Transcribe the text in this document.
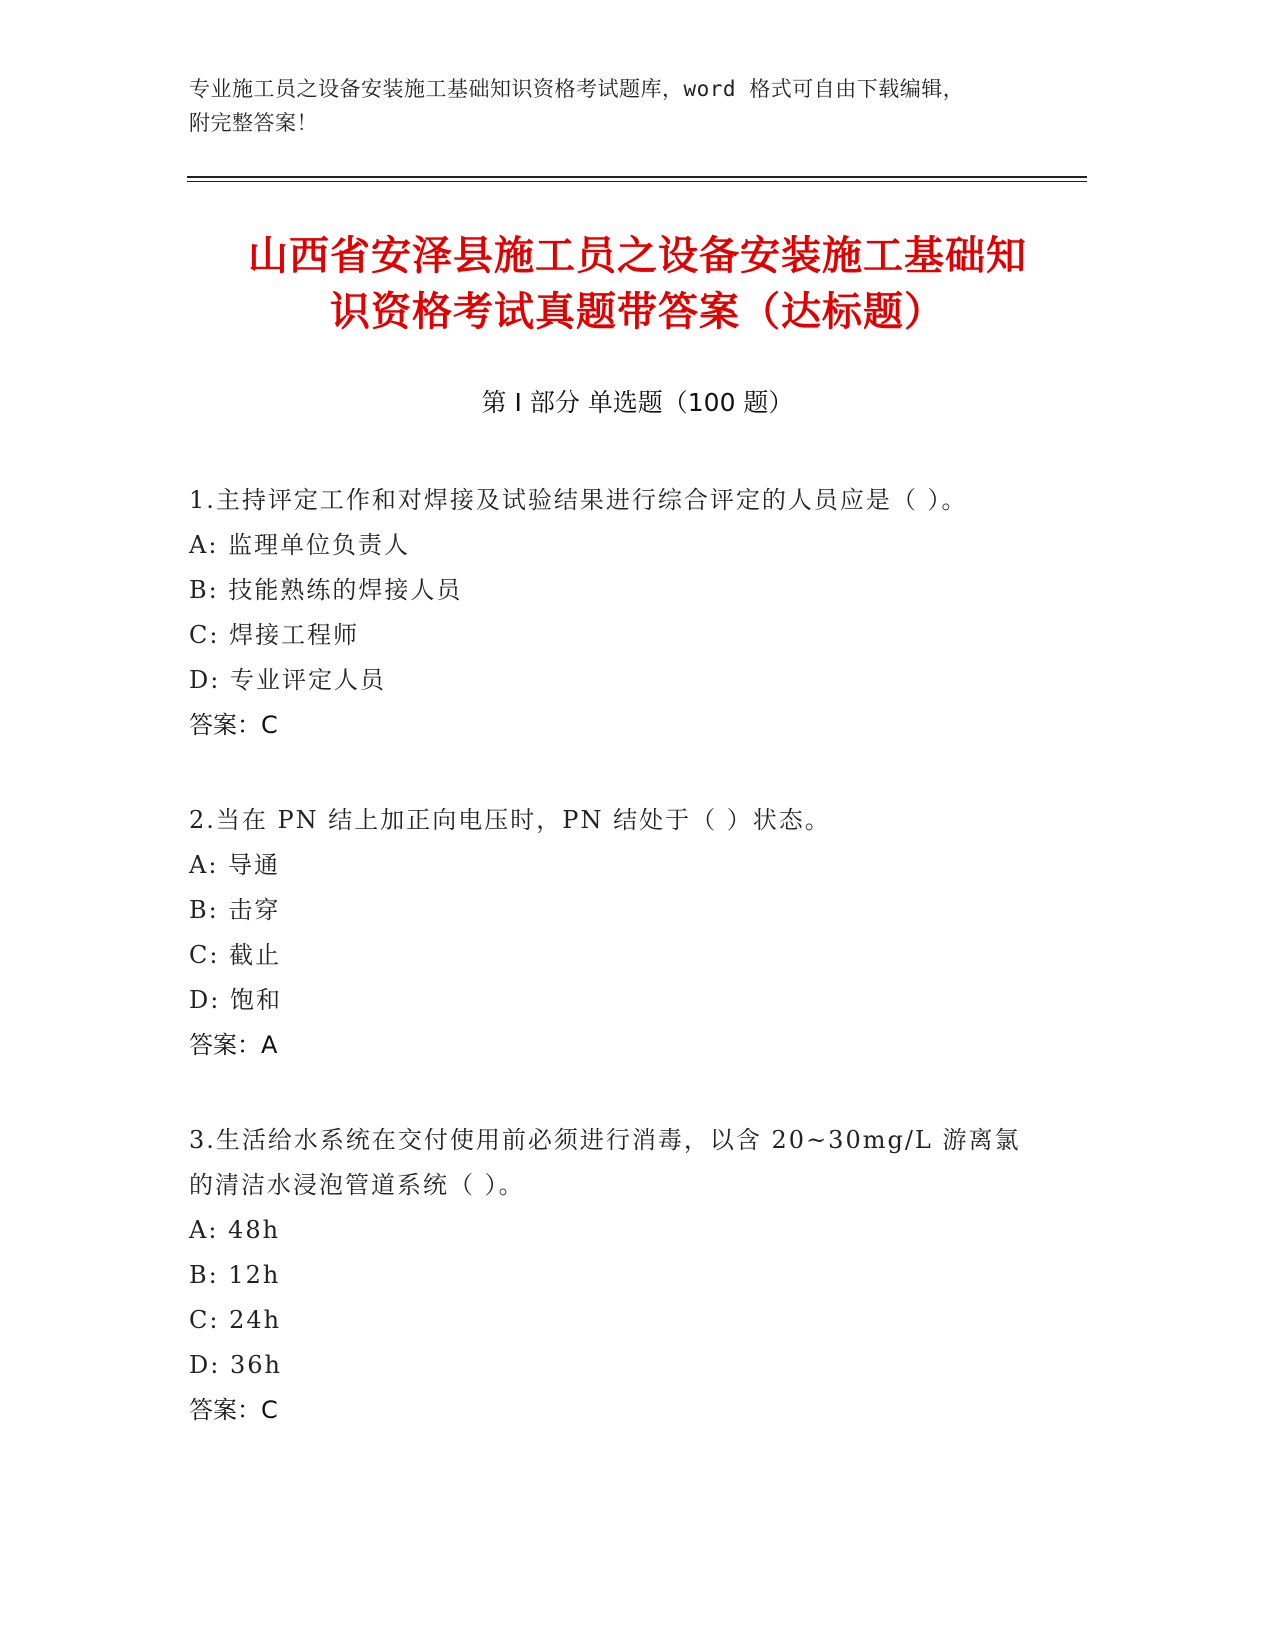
专业施工员之设备安装施工基础知识资格考试题库，word 格式可自由下载编辑，
附完整答案！
山西省安泽县施工员之设备安装施工基础知
识资格考试真题带答案（达标题）
第 I 部分 单选题（100 题）
1.主持评定工作和对焊接及试验结果进行综合评定的人员应是（ ）。
A: 监理单位负责人
B: 技能熟练的焊接人员
C: 焊接工程师
D: 专业评定人员
答案：C
2.当在 PN 结上加正向电压时，PN 结处于（ ）状态。
A: 导通
B: 击穿
C: 截止
D: 饱和
答案：A
3.生活给水系统在交付使用前必须进行消毒，以含 20~30mg/L 游离氯
的清洁水浸泡管道系统（ ）。
A: 48h
B: 12h
C: 24h
D: 36h
答案：C
